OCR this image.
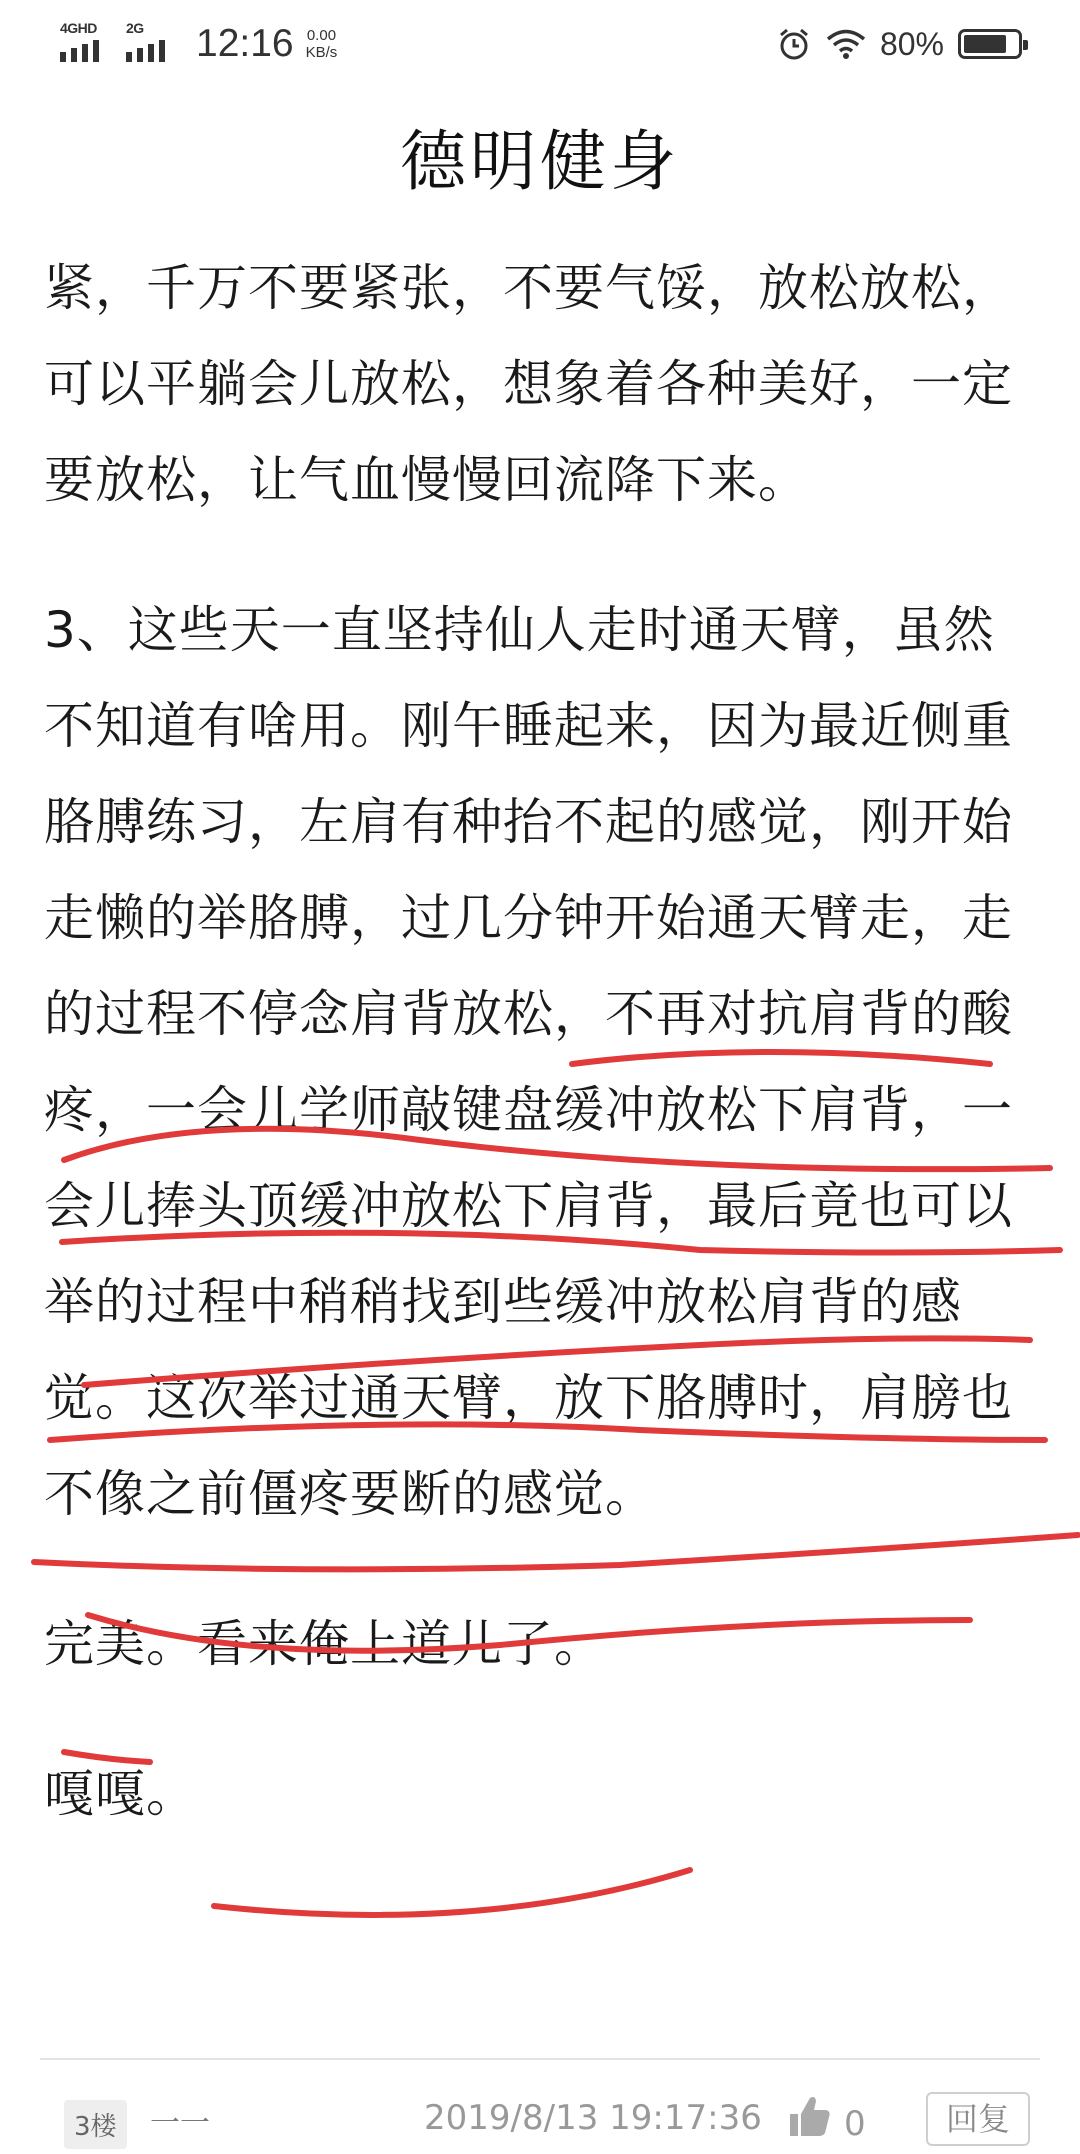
4GHD 2G 12:16 0.00
KB/s	80%
德明健身

紧，千万不要紧张，不要气馁，放松放松，可以平躺会儿放松，想象着各种美好，一定要放松，让气血慢慢回流降下来。

3、这些天一直坚持仙人走时通天臂，虽然不知道有啥用。刚午睡起来，因为最近侧重胳膊练习，左肩有种抬不起的感觉，刚开始走懒的举胳膊，过几分钟开始通天臂走，走的过程不停念肩背放松，不再对抗肩背的酸疼，一会儿学师敲键盘缓冲放松下肩背，一会儿捧头顶缓冲放松下肩背，最后竟也可以举的过程中稍稍找到些缓冲放松肩背的感觉。这次举过通天臂，放下胳膊时，肩膀也不像之前僵疼要断的感觉。

完美。看来俺上道儿了。

嘎嘎。

3楼	一一	2019/8/13 19:17:36 0	回复
